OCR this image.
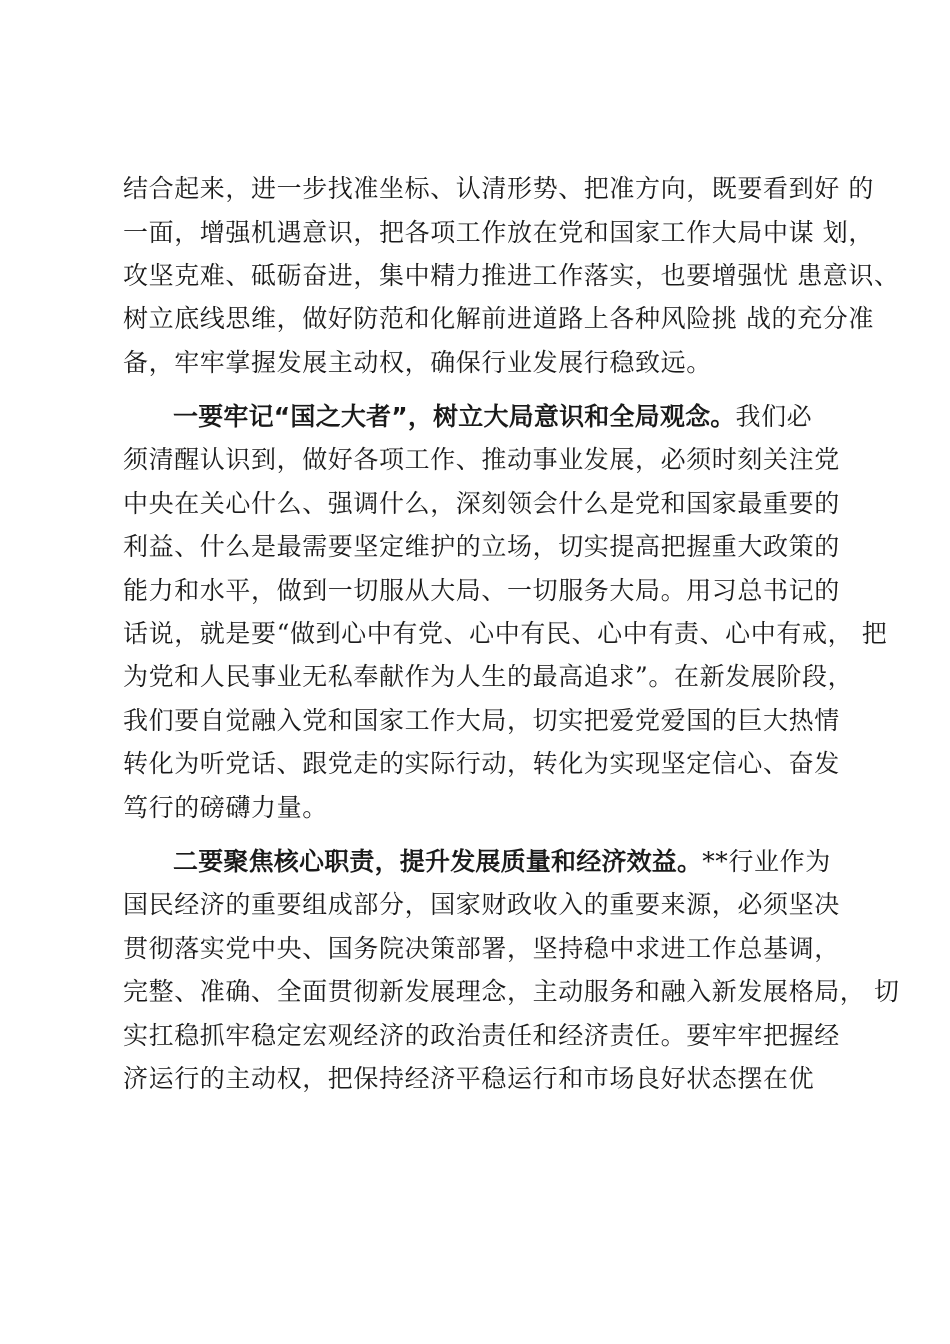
结合起来，进一步找准坐标、认清形势、把准方向，既要看到好 的
一面，增强机遇意识，把各项工作放在党和国家工作大局中谋 划，
攻坚克难、砥砺奋进，集中精力推进工作落实，也要增强忧 患意识、
树立底线思维，做好防范和化解前进道路上各种风险挑 战的充分准
备，牢牢掌握发展主动权，确保行业发展行稳致远。
一要牢记“国之大者”，树立大局意识和全局观念。我们必
须清醒认识到，做好各项工作、推动事业发展，必须时刻关注党
中央在关心什么、强调什么，深刻领会什么是党和国家最重要的
利益、什么是最需要坚定维护的立场，切实提高把握重大政策的
能力和水平，做到一切服从大局、一切服务大局。用习总书记的
话说，就是要“做到心中有党、心中有民、心中有责、心中有戒， 把
为党和人民事业无私奉献作为人生的最高追求”。在新发展阶段，
我们要自觉融入党和国家工作大局，切实把爱党爱国的巨大热情
转化为听党话、跟党走的实际行动，转化为实现坚定信心、奋发
笃行的磅礴力量。
二要聚焦核心职责，提升发展质量和经济效益。**行业作为
国民经济的重要组成部分，国家财政收入的重要来源，必须坚决
贯彻落实党中央、国务院决策部署，坚持稳中求进工作总基调，
完整、准确、全面贯彻新发展理念，主动服务和融入新发展格局， 切
实扛稳抓牢稳定宏观经济的政治责任和经济责任。要牢牢把握经
济运行的主动权，把保持经济平稳运行和市场良好状态摆在优
